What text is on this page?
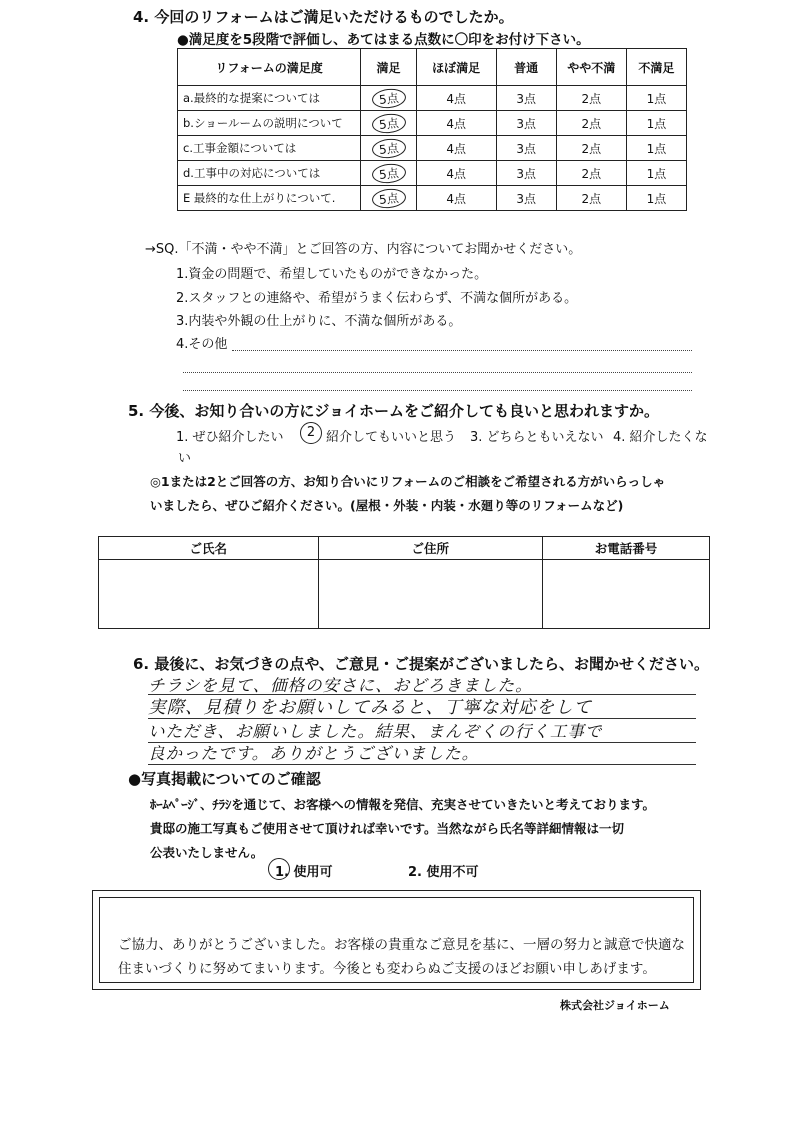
4. 今回のリフォームはご満足いただけるものでしたか。
●満足度を5段階で評価し、あてはまる点数に〇印をお付け下さい。
リフォームの満足度	満足	ほぼ満足	普通	やや不満	不満足
a.最終的な提案については	5点	4点	3点	2点	1点
b.ショールームの説明について	5点	4点	3点	2点	1点
c.工事金額については	5点	4点	3点	2点	1点
d.工事中の対応については	5点	4点	3点	2点	1点
E 最終的な仕上がりについて.	5点	4点	3点	2点	1点
→SQ.「不満・やや不満」とご回答の方、内容についてお聞かせください。
1.資金の問題で、希望していたものができなかった。
2.スタッフとの連絡や、希望がうまく伝わらず、不満な個所がある。
3.内装や外観の仕上がりに、不満な個所がある。
4.その他
5. 今後、お知り合いの方にジョイホームをご紹介しても良いと思われますか。
1. ぜひ紹介したい	2 紹介してもいいと思う 3. どちらともいえない 4. 紹介したくな
い
◎1または2とご回答の方、お知り合いにリフォームのご相談をご希望される方がいらっしゃ
いましたら、ぜひご紹介ください。(屋根・外装・内装・水廻り等のリフォームなど)
ご氏名	ご住所	お電話番号

6. 最後に、お気づきの点や、ご意見・ご提案がございましたら、お聞かせください。
チラシを見て、価格の安さに、おどろきました。
実際、見積りをお願いしてみると、丁寧な対応をして
いただき、お願いしました。結果、まんぞくの行く工事で
良かったです。ありがとうございました。
●写真掲載についてのご確認
ﾎｰﾑﾍﾟｰｼﾞ、ﾁﾗｼを通じて、お客様への情報を発信、充実させていきたいと考えております。
貴邸の施工写真もご使用させて頂ければ幸いです。当然ながら氏名等詳細情報は一切
公表いたしません。
1. 使用可	2. 使用不可
ご協力、ありがとうございました。お客様の貴重なご意見を基に、一層の努力と誠意で快適な
住まいづくりに努めてまいります。今後とも変わらぬご支援のほどお願い申しあげます。
株式会社ジョイホーム
